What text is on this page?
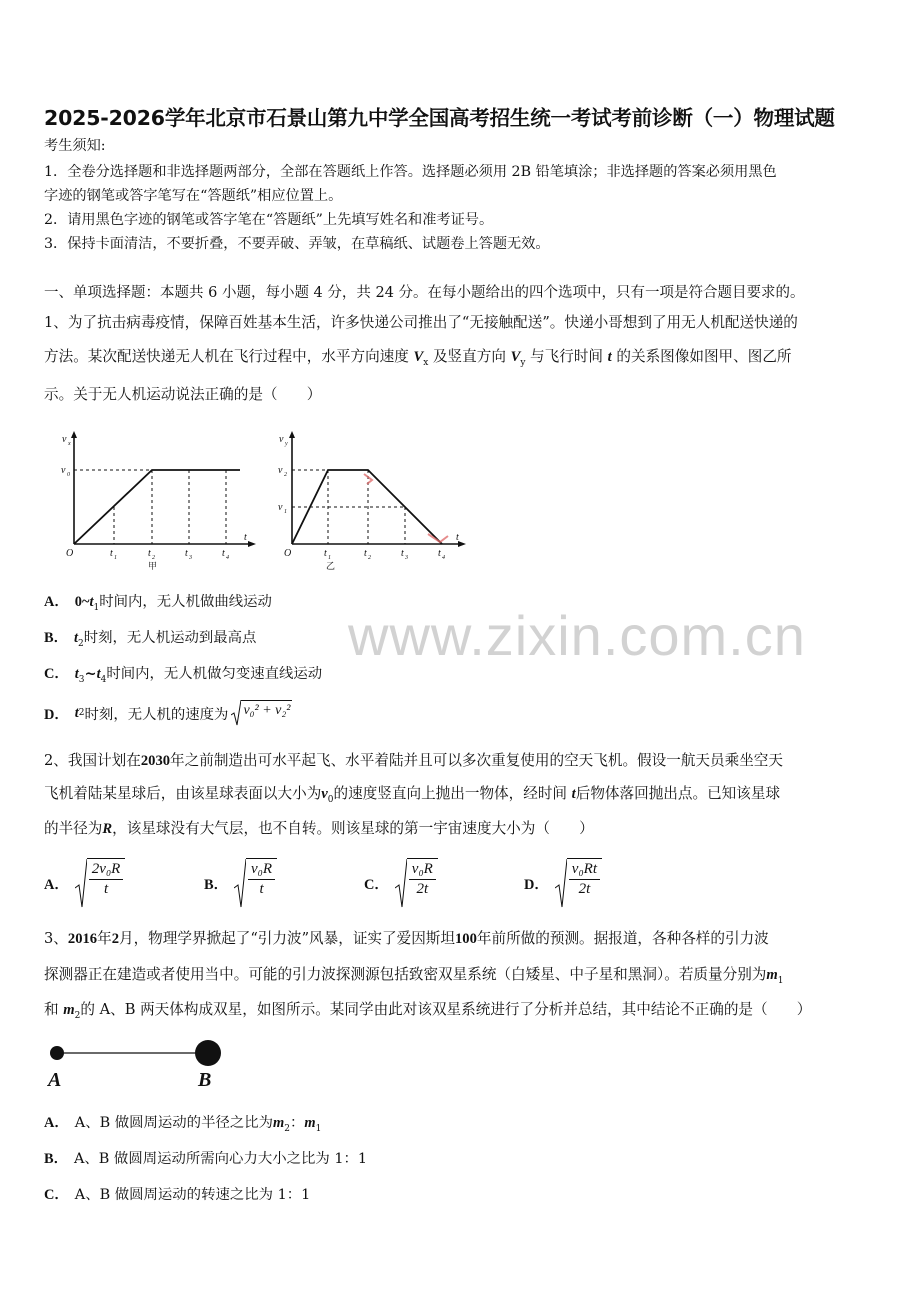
2025-2026学年北京市石景山第九中学全国高考招生统一考试考前诊断（一）物理试题
考生须知:
1．全卷分选择题和非选择题两部分，全部在答题纸上作答。选择题必须用 2B 铅笔填涂；非选择题的答案必须用黑色
字迹的钢笔或答字笔写在“答题纸”相应位置上。
2．请用黑色字迹的钢笔或答字笔在“答题纸”上先填写姓名和准考证号。
3．保持卡面清洁，不要折叠，不要弄破、弄皱，在草稿纸、试题卷上答题无效。
一、单项选择题：本题共 6 小题，每小题 4 分，共 24 分。在每小题给出的四个选项中，只有一项是符合题目要求的。
1、为了抗击病毒疫情，保障百姓基本生活，许多快递公司推出了“无接触配送”。快递小哥想到了用无人机配送快递的
方法。某次配送快递无人机在飞行过程中，水平方向速度 $V_x$ 及竖直方向 $V_y$ 与飞行时间 t 的关系图像如图甲、图乙所
示。关于无人机运动说法正确的是（　　）
v x
v 0
O	t 1	t 2	t 3	t 4
t
甲
v y
v 2
v 1
O	t 1	t 2	t 3	t 4
t
乙
A． $0\sim t_1$时间内，无人机做曲线运动
B． $t_2$时刻，无人机运动到最高点
C． $t_3\sim t_4$时间内，无人机做匀变速直线运动
D． t 2 时刻，无人机的速度为 v₀² + v₂²
www.zixin.com.cn
2、我国计划在2030年之前制造出可水平起飞、水平着陆并且可以多次重复使用的空天飞机。假设一航天员乘坐空天
飞机着陆某星球后，由该星球表面以大小为$v_0$的速度竖直向上抛出一物体，经时间 t后物体落回抛出点。已知该星球
的半径为R，该星球没有大气层，也不自转。则该星球的第一宇宙速度大小为（　　）
A． $\frac{\text{2v₀R}}{t}$	B． $\frac{\text{v₀R}}{t}$	C． $\frac{\text{v₀R}}{2t}$	D． $\frac{\text{v₀Rt}}{2t}$
3、2016年2月，物理学界掀起了“引力波”风暴，证实了爱因斯坦100年前所做的预测。据报道，各种各样的引力波
探测器正在建造或者使用当中。可能的引力波探测源包括致密双星系统（白矮星、中子星和黑洞）。若质量分别为$m_1$
和 $m_2$的 A、B 两天体构成双星，如图所示。某同学由此对该双星系统进行了分析并总结，其中结论不正确的是（　　）
A	B
A． A、B 做圆周运动的半径之比为$m_2$：$m_1$
B． A、B 做圆周运动所需向心力大小之比为 1：1
C． A、B 做圆周运动的转速之比为 1：1
